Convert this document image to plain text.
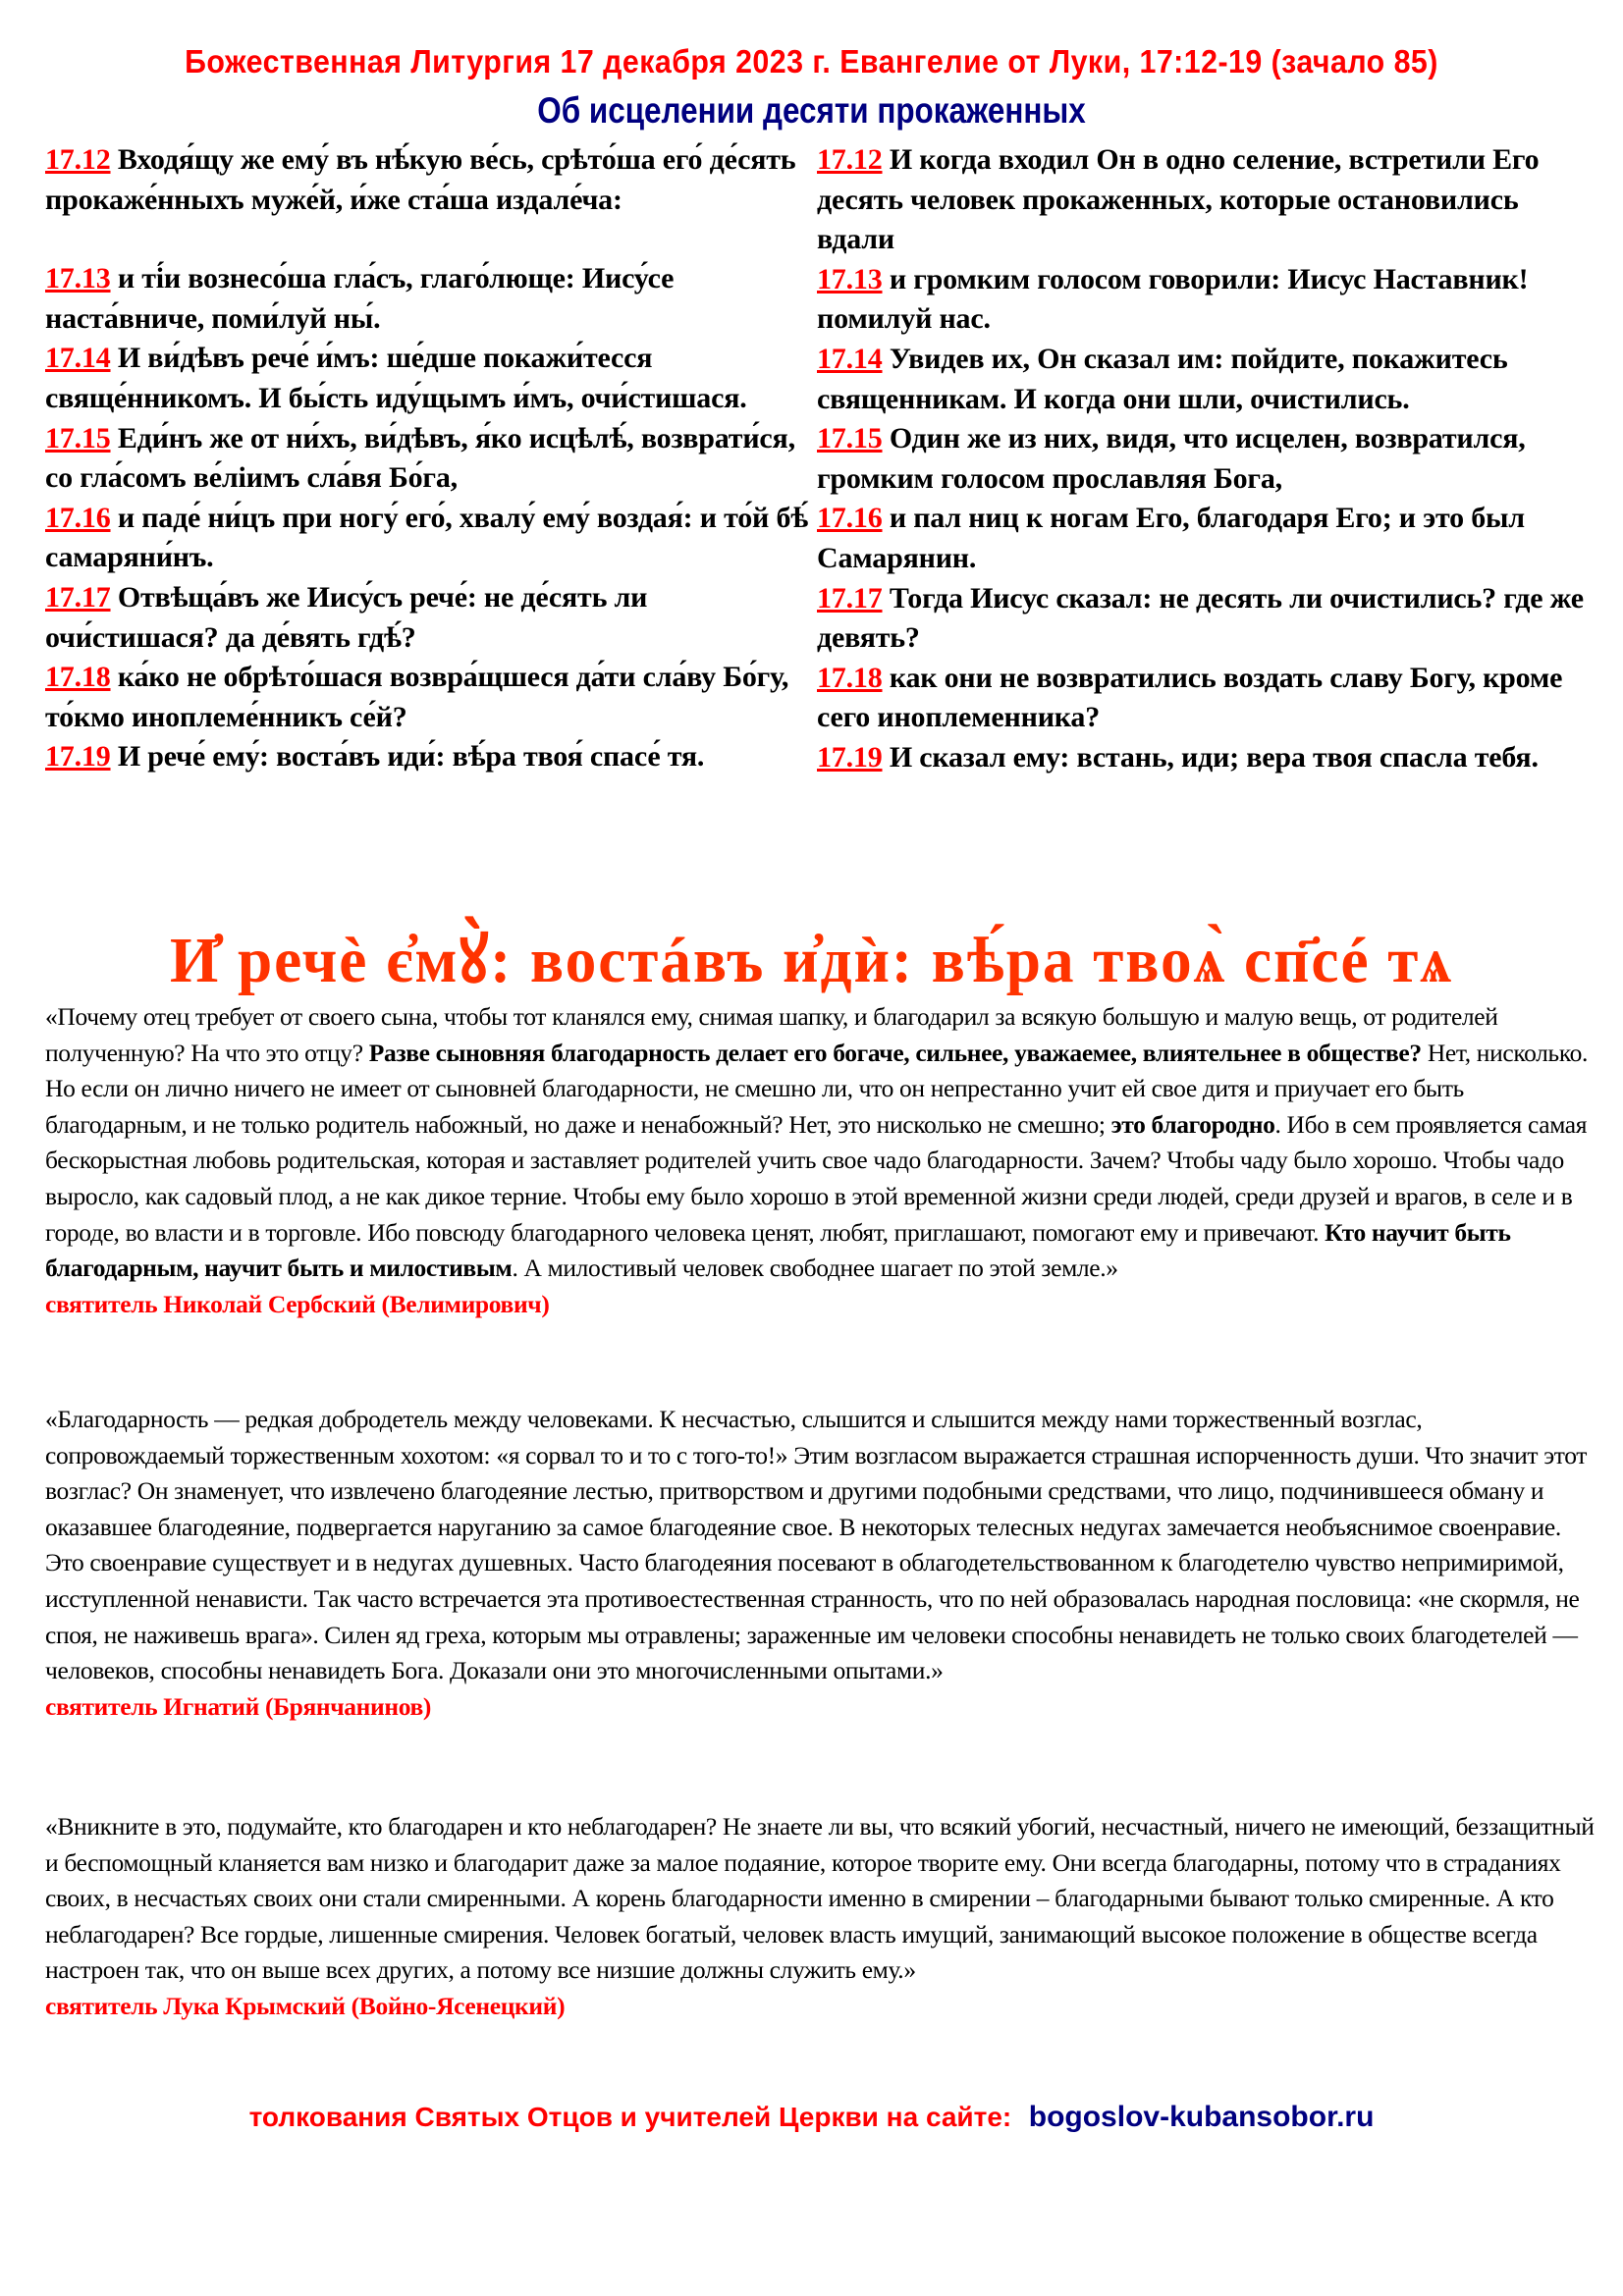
Божественная Литургия 17 декабря 2023 г. Евангелие от Луки, 17:12-19 (зачало 85)
Об исцелении десяти прокаженных

17.12 Входя́щу же ему́ въ нѣ́кую ве́сь, срѣто́ша его́ де́сять прокаже́нныхъ муже́й, и́же ста́ша издале́ча:

17.13 и ті́и вознесо́ша гла́съ, глаго́люще: Иису́се наста́вниче, поми́луй ны́.

17.14 И ви́дѣвъ рече́ и́мъ: ше́дше покажи́тесся свяще́нникомъ. И бы́сть иду́щымъ и́мъ, очи́стишася.

17.15 Еди́нъ же от ни́хъ, ви́дѣвъ, я́ко исцѣлѣ́, возврати́ся, со гла́сомъ ве́лiимъ сла́вя Бо́га,

17.16 и паде́ ни́цъ при ногу́ его́, хвалу́ ему́ воздая́: и то́й бѣ́ самаряни́нъ.

17.17 Отвѣща́въ же Иису́съ рече́: не де́сять ли очи́стишася? да де́вять гдѣ́?

17.18 ка́ко не обрѣто́шася возвра́щшеся да́ти сла́ву Бо́гу, то́кмо иноплеме́нникъ се́й?

17.19 И рече́ ему́: воста́въ иди́: вѣ́ра твоя́ спасе́ тя.

17.12 И когда входил Он в одно селение, встретили Его десять человек прокаженных, которые остановились вдали

17.13 и громким голосом говорили: Иисус Наставник! помилуй нас.

17.14 Увидев их, Он сказал им: пойдите, покажитесь священникам. И когда они шли, очистились.

17.15 Один же из них, видя, что исцелен, возвратился, громким голосом прославляя Бога,

17.16 и пал ниц к ногам Его, благодаря Его; и это был Самарянин.

17.17 Тогда Иисус сказал: не десять ли очистились? где же девять?

17.18 как они не возвратились воздать славу Богу, кроме сего иноплеменника?

17.19 И сказал ему: встань, иди; вера твоя спасла тебя.

И҆ речѐ є҆мꙋ̀: востáвъ и҆дѝ: вѣ́ра твоѧ̀ сп҃сé тѧ
«Почему отец требует от своего сына, чтобы тот кланялся ему, снимая шапку, и благодарил за всякую большую и малую вещь, от родителей полученную? На что это отцу? Разве сыновняя благодарность делает его богаче, сильнее, уважаемее, влиятельнее в обществе? Нет, нисколько. Но если он лично ничего не имеет от сыновней благодарности, не смешно ли, что он непрестанно учит ей свое дитя и приучает его быть благодарным, и не только родитель набожный, но даже и ненабожный? Нет, это нисколько не смешно; это благородно. Ибо в сем проявляется самая бескорыстная любовь родительская, которая и заставляет родителей учить свое чадо благодарности. Зачем? Чтобы чаду было хорошо. Чтобы чадо выросло, как садовый плод, а не как дикое терние. Чтобы ему было хорошо в этой временной жизни среди людей, среди друзей и врагов, в селе и в городе, во власти и в торговле. Ибо повсюду благодарного человека ценят, любят, приглашают, помогают ему и привечают. Кто научит быть благодарным, научит быть и милостивым. А милостивый человек свободнее шагает по этой земле.»
святитель Николай Сербский (Велимирович)
«Благодарность — редкая добродетель между человеками. К несчастью, слышится и слышится между нами торжественный возглас, сопровождаемый торжественным хохотом: «я сорвал то и то с того-то!» Этим возгласом выражается страшная испорченность души. Что значит этот возглас? Он знаменует, что извлечено благодеяние лестью, притворством и другими подобными средствами, что лицо, подчинившееся обману и оказавшее благодеяние, подвергается наруганию за самое благодеяние свое. В некоторых телесных недугах замечается необъяснимое своенравие. Это своенравие существует и в недугах душевных. Часто благодеяния посевают в облагодетельствованном к благодетелю чувство непримиримой, исступленной ненависти. Так часто встречается эта противоестественная странность, что по ней образовалась народная пословица: «не скормля, не споя, не наживешь врага». Силен яд греха, которым мы отравлены; зараженные им человеки способны ненавидеть не только своих благодетелей — человеков, способны ненавидеть Бога. Доказали они это многочисленными опытами.»
святитель Игнатий (Брянчанинов)
«Вникните в это, подумайте, кто благодарен и кто неблагодарен? Не знаете ли вы, что всякий убогий, несчастный, ничего не имеющий, беззащитный и беспомощный кланяется вам низко и благодарит даже за малое подаяние, которое творите ему. Они всегда благодарны, потому что в страданиях своих, в несчастьях своих они стали смиренными. А корень благодарности именно в смирении – благодарными бывают только смиренные. А кто неблагодарен? Все гордые, лишенные смирения. Человек богатый, человек власть имущий, занимающий высокое положение в обществе всегда настроен так, что он выше всех других, а потому все низшие должны служить ему.»
святитель Лука Крымский (Войно-Ясенецкий)
толкования Святых Отцов и учителей Церкви на сайте: bogoslov-kubansobor.ru
